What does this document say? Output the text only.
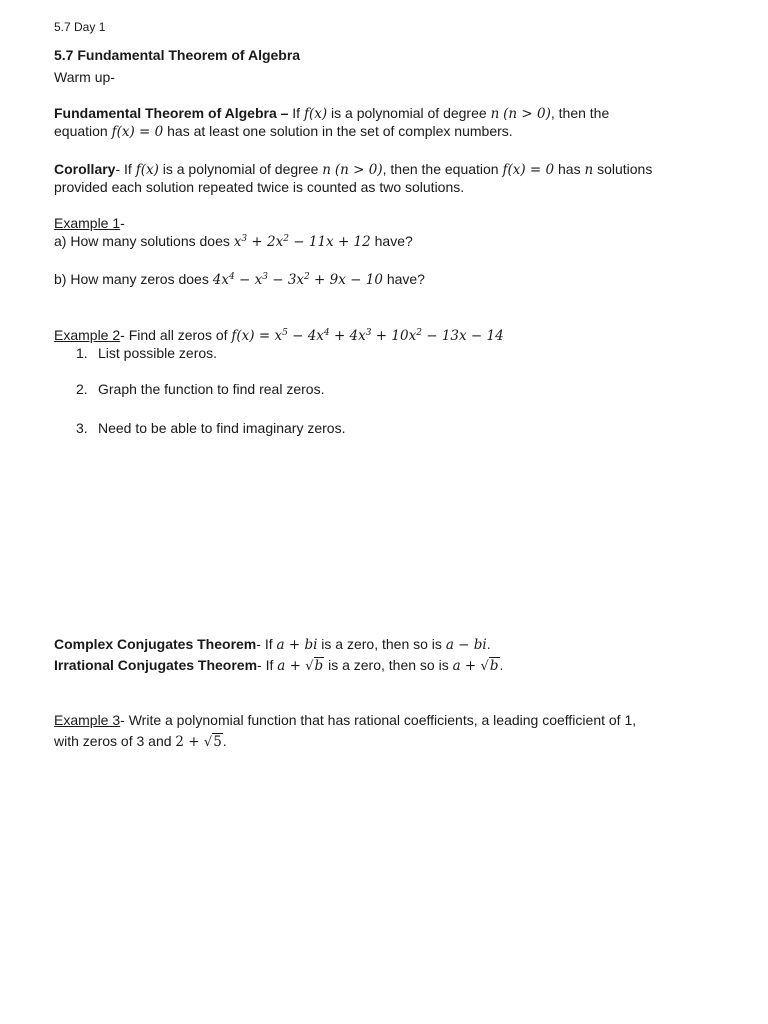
5.7 Day 1
5.7 Fundamental Theorem of Algebra
Warm up-
Fundamental Theorem of Algebra – If f(x) is a polynomial of degree n (n > 0), then the
equation f(x) = 0 has at least one solution in the set of complex numbers.
Corollary- If f(x) is a polynomial of degree n (n > 0), then the equation f(x) = 0 has n solutions
provided each solution repeated twice is counted as two solutions.
Example 1-
a) How many solutions does $x^3 + 2x^2 - 11x + 12$ have?
b) How many zeros does $4x^4 - x^3 - 3x^2 + 9x - 10$ have?
Example 2- Find all zeros of $f(x) = x^5 - 4x^4 + 4x^3 + 10x^2 - 13x - 14$
1. List possible zeros.
2. Graph the function to find real zeros.
3. Need to be able to find imaginary zeros.
Complex Conjugates Theorem- If a + bi is a zero, then so is a − bi.
Irrational Conjugates Theorem- If a + √b is a zero, then so is a + √b.
Example 3- Write a polynomial function that has rational coefficients, a leading coefficient of 1,
with zeros of 3 and 2 + √5.
